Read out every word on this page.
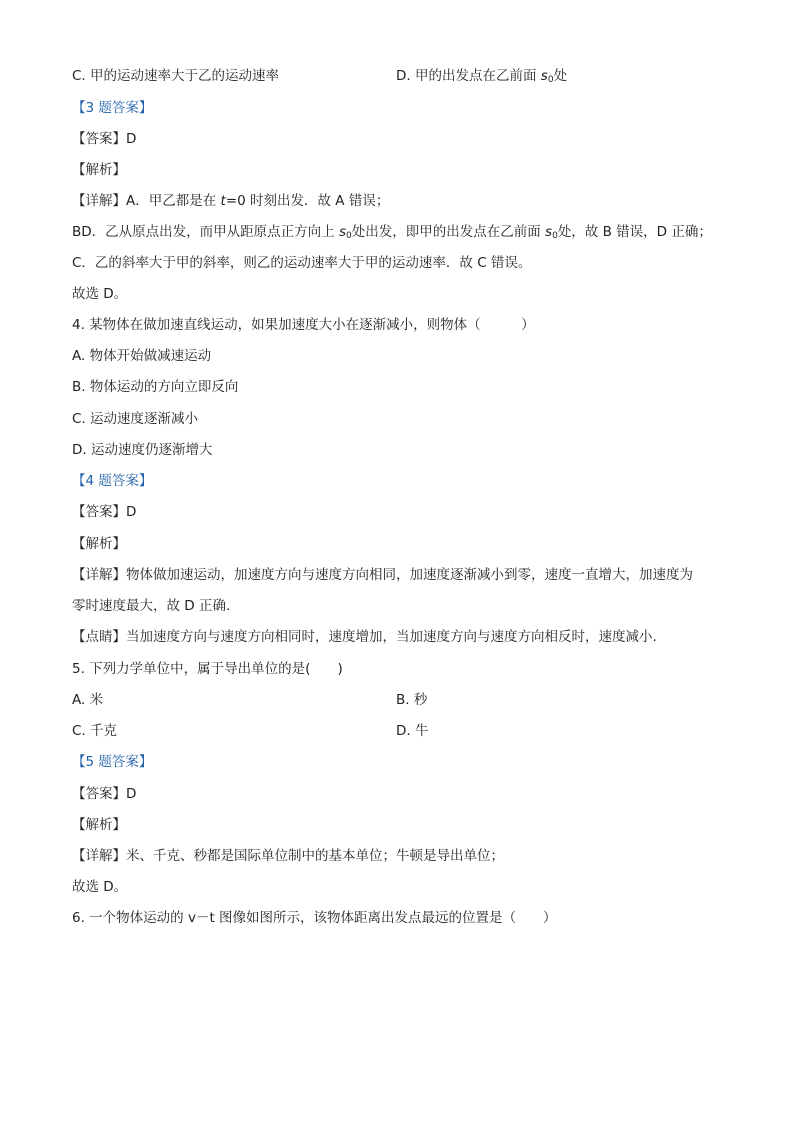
C. 甲的运动速率大于乙的运动速率	D. 甲的出发点在乙前面 $s_0$处
【3 题答案】
【答案】D
【解析】
【详解】A．甲乙都是在 t=0 时刻出发．故 A 错误；
BD．乙从原点出发，而甲从距原点正方向上 $s_0$处出发，即甲的出发点在乙前面 $s_0$处，故 B 错误，D 正确；
C．乙的斜率大于甲的斜率，则乙的运动速率大于甲的运动速率．故 C 错误。
故选 D。
4. 某物体在做加速直线运动，如果加速度大小在逐渐减小，则物体（　　　）
A. 物体开始做减速运动
B. 物体运动的方向立即反向
C. 运动速度逐渐减小
D. 运动速度仍逐渐增大
【4 题答案】
【答案】D
【解析】
【详解】物体做加速运动，加速度方向与速度方向相同，加速度逐渐减小到零，速度一直增大，加速度为
零时速度最大，故 D 正确.
【点睛】当加速度方向与速度方向相同时，速度增加，当加速度方向与速度方向相反时，速度减小.
5. 下列力学单位中，属于导出单位的是(　　)
A. 米	B. 秒
C. 千克	D. 牛
【5 题答案】
【答案】D
【解析】
【详解】米、千克、秒都是国际单位制中的基本单位；牛顿是导出单位；
故选 D。
6. 一个物体运动的 v－t 图像如图所示，该物体距离出发点最远的位置是（　　）
